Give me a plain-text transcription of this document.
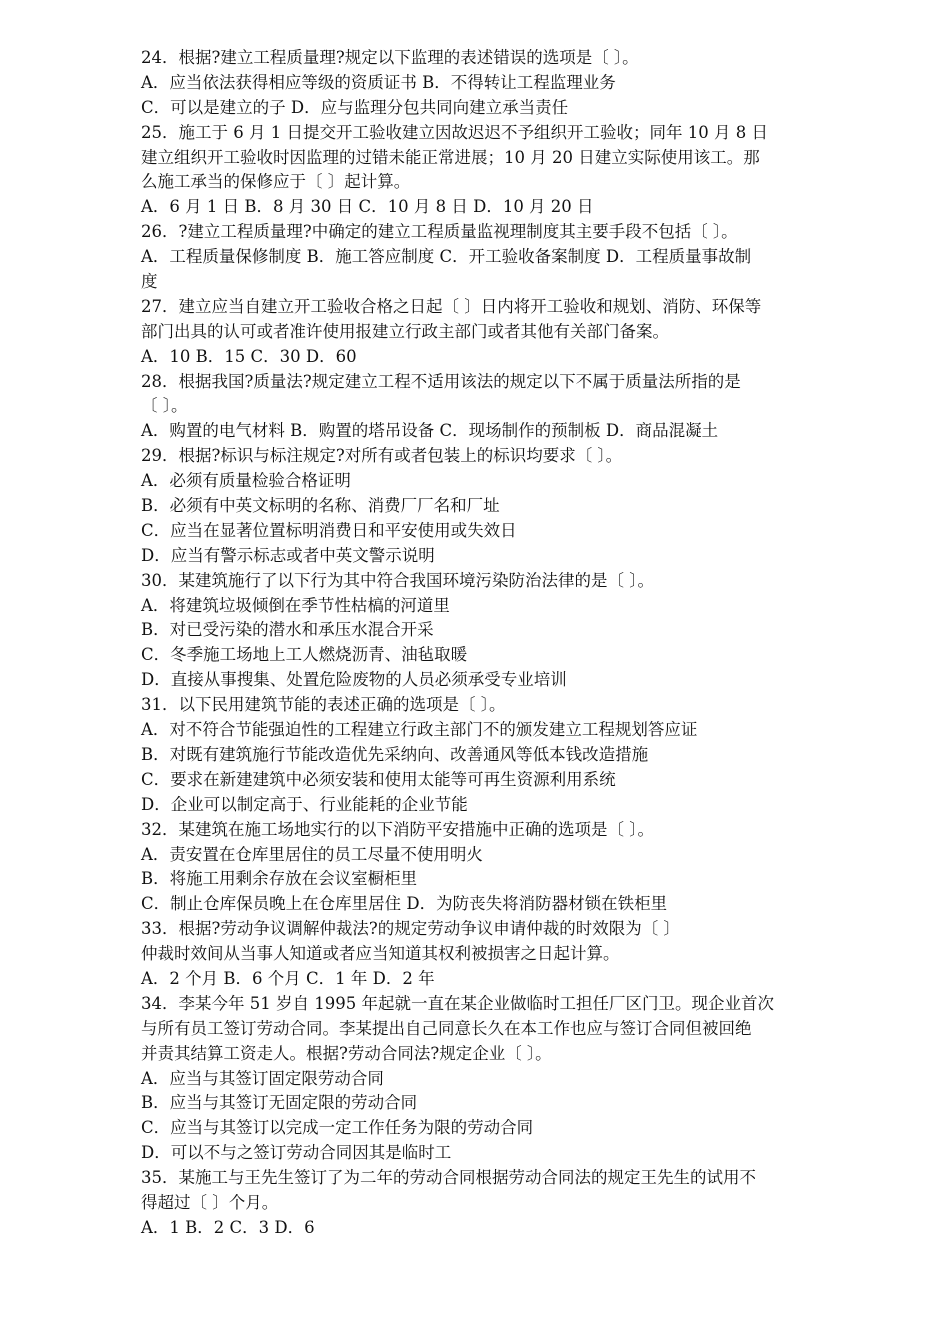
24．根据?建立工程质量理?规定以下监理的表述错误的选项是〔 〕。
A．应当依法获得相应等级的资质证书 B．不得转让工程监理业务
C．可以是建立的子 D．应与监理分包共同向建立承当责任
25．施工于 6 月 1 日提交开工验收建立因故迟迟不予组织开工验收；同年 10 月 8 日
建立组织开工验收时因监理的过错未能正常进展；10 月 20 日建立实际使用该工。那
么施工承当的保修应于〔 〕起计算。
A．6 月 1 日 B．8 月 30 日 C．10 月 8 日 D．10 月 20 日
26．?建立工程质量理?中确定的建立工程质量监视理制度其主要手段不包括〔 〕。
A．工程质量保修制度 B．施工答应制度 C．开工验收备案制度 D．工程质量事故制
度
27．建立应当自建立开工验收合格之日起〔 〕日内将开工验收和规划、消防、环保等
部门出具的认可或者准许使用报建立行政主部门或者其他有关部门备案。
A．10 B．15 C．30 D．60
28．根据我国?质量法?规定建立工程不适用该法的规定以下不属于质量法所指的是
〔 〕。
A．购置的电气材料 B．购置的塔吊设备 C．现场制作的预制板 D．商品混凝土
29．根据?标识与标注规定?对所有或者包装上的标识均要求〔 〕。
A．必须有质量检验合格证明
B．必须有中英文标明的名称、消费厂厂名和厂址
C．应当在显著位置标明消费日和平安使用或失效日
D．应当有警示标志或者中英文警示说明
30．某建筑施行了以下行为其中符合我国环境污染防治法律的是〔 〕。
A．将建筑垃圾倾倒在季节性枯槁的河道里
B．对已受污染的潜水和承压水混合开采
C．冬季施工场地上工人燃烧沥青、油毡取暖
D．直接从事搜集、处置危险废物的人员必须承受专业培训
31．以下民用建筑节能的表述正确的选项是〔 〕。
A．对不符合节能强迫性的工程建立行政主部门不的颁发建立工程规划答应证
B．对既有建筑施行节能改造优先采纳向、改善通风等低本钱改造措施
C．要求在新建建筑中必须安装和使用太能等可再生资源利用系统
D．企业可以制定高于、行业能耗的企业节能
32．某建筑在施工场地实行的以下消防平安措施中正确的选项是〔 〕。
A．责安置在仓库里居住的员工尽量不使用明火
B．将施工用剩余存放在会议室橱柜里
C．制止仓库保员晚上在仓库里居住 D．为防丧失将消防器材锁在铁柜里
33．根据?劳动争议调解仲裁法?的规定劳动争议申请仲裁的时效限为〔 〕
仲裁时效间从当事人知道或者应当知道其权利被损害之日起计算。
A．2 个月 B．6 个月 C．1 年 D．2 年
34．李某今年 51 岁自 1995 年起就一直在某企业做临时工担任厂区门卫。现企业首次
与所有员工签订劳动合同。李某提出自己同意长久在本工作也应与签订合同但被回绝
并责其结算工资走人。根据?劳动合同法?规定企业〔 〕。
A．应当与其签订固定限劳动合同
B．应当与其签订无固定限的劳动合同
C．应当与其签订以完成一定工作任务为限的劳动合同
D．可以不与之签订劳动合同因其是临时工
35．某施工与王先生签订了为二年的劳动合同根据劳动合同法的规定王先生的试用不
得超过〔 〕个月。
A．1 B．2 C．3 D．6
